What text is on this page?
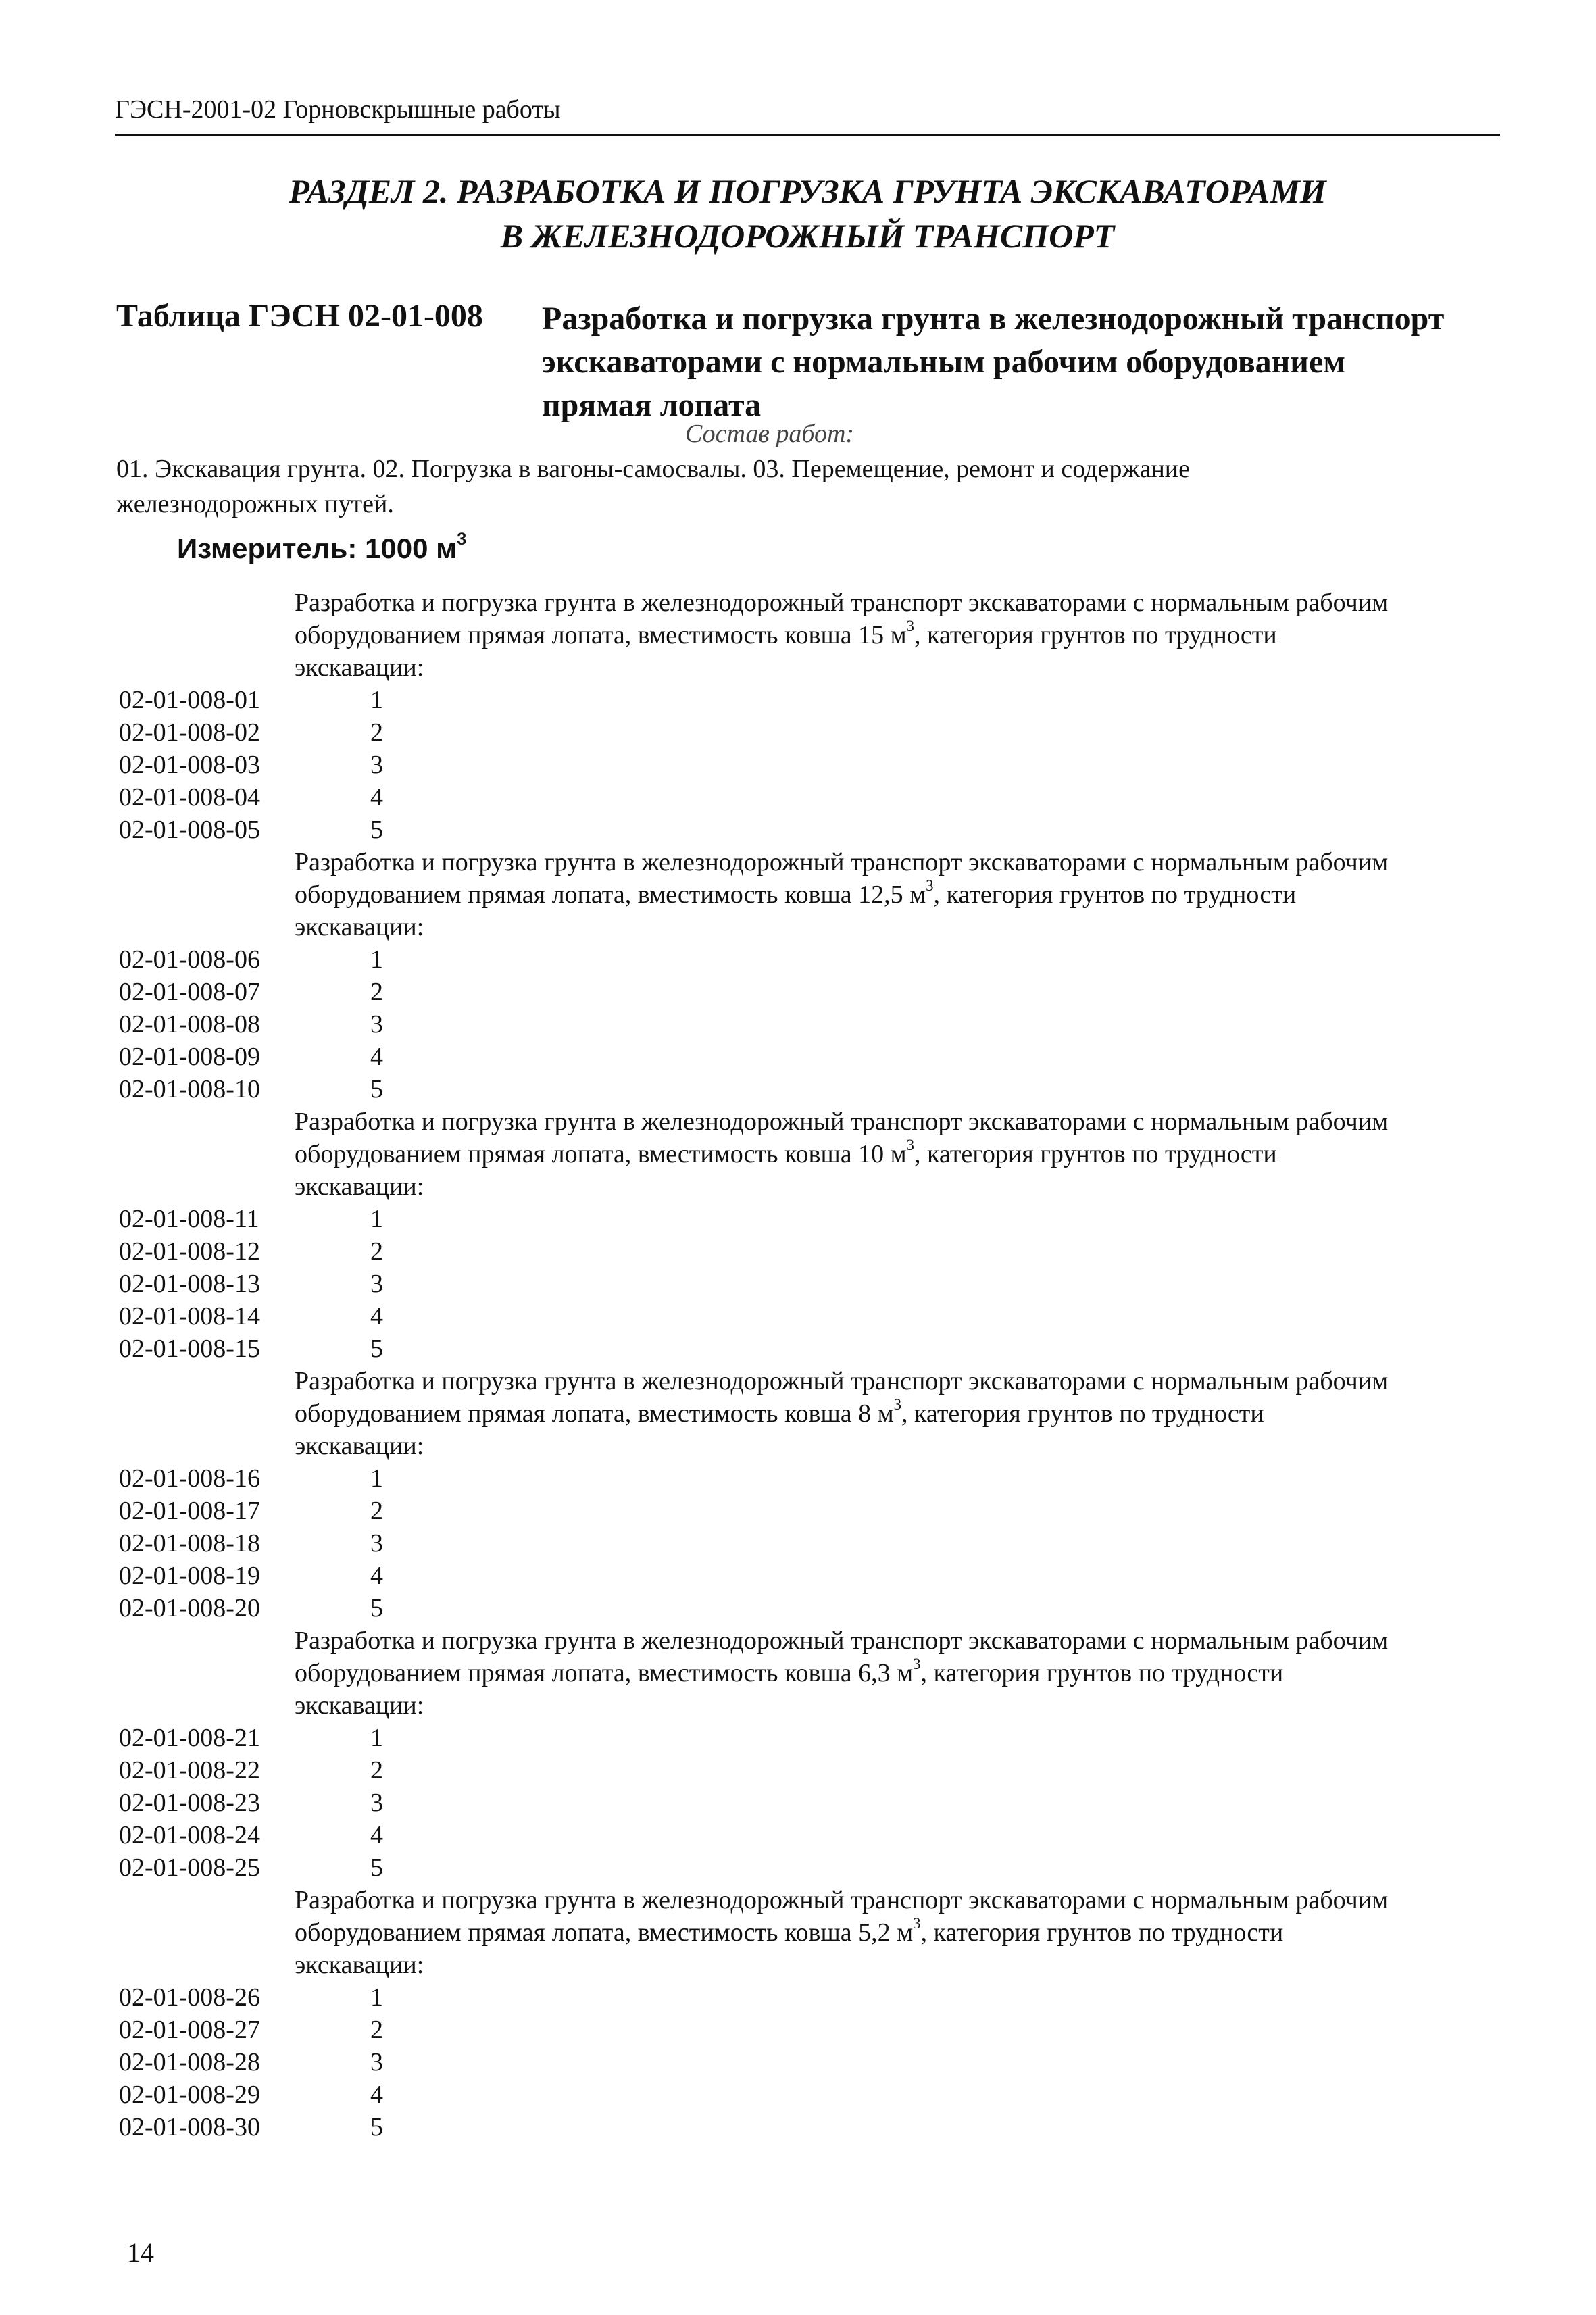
ГЭСН-2001-02 Горновскрышные работы
РАЗДЕЛ 2. РАЗРАБОТКА И ПОГРУЗКА ГРУНТА ЭКСКАВАТОРАМИ
В ЖЕЛЕЗНОДОРОЖНЫЙ ТРАНСПОРТ
Таблица ГЭСН 02-01-008 Разработка и погрузка грунта в железнодорожный транспорт
экскаваторами с нормальным рабочим оборудованием
прямая лопата
Состав работ:
01. Экскавация грунта. 02. Погрузка в вагоны-самосвалы. 03. Перемещение, ремонт и содержание
железнодорожных путей.
Измеритель: 1000 $м^3$
Разработка и погрузка грунта в железнодорожный транспорт экскаваторами с нормальным рабочим
оборудованием прямая лопата, вместимость ковша 15 $м^3$, категория грунтов по трудности
экскавации:
02-01-008-01	1
02-01-008-02	2
02-01-008-03	3
02-01-008-04	4
02-01-008-05	5
Разработка и погрузка грунта в железнодорожный транспорт экскаваторами с нормальным рабочим
оборудованием прямая лопата, вместимость ковша 12,5 $м^3$, категория грунтов по трудности
экскавации:
02-01-008-06	1
02-01-008-07	2
02-01-008-08	3
02-01-008-09	4
02-01-008-10	5
Разработка и погрузка грунта в железнодорожный транспорт экскаваторами с нормальным рабочим
оборудованием прямая лопата, вместимость ковша 10 $м^3$, категория грунтов по трудности
экскавации:
02-01-008-11	1
02-01-008-12	2
02-01-008-13	3
02-01-008-14	4
02-01-008-15	5
Разработка и погрузка грунта в железнодорожный транспорт экскаваторами с нормальным рабочим
оборудованием прямая лопата, вместимость ковша 8 $м^3$, категория грунтов по трудности
экскавации:
02-01-008-16	1
02-01-008-17	2
02-01-008-18	3
02-01-008-19	4
02-01-008-20	5
Разработка и погрузка грунта в железнодорожный транспорт экскаваторами с нормальным рабочим
оборудованием прямая лопата, вместимость ковша 6,3 $м^3$, категория грунтов по трудности
экскавации:
02-01-008-21	1
02-01-008-22	2
02-01-008-23	3
02-01-008-24	4
02-01-008-25	5
Разработка и погрузка грунта в железнодорожный транспорт экскаваторами с нормальным рабочим
оборудованием прямая лопата, вместимость ковша 5,2 $м^3$, категория грунтов по трудности
экскавации:
02-01-008-26	1
02-01-008-27	2
02-01-008-28	3
02-01-008-29	4
02-01-008-30	5
14
